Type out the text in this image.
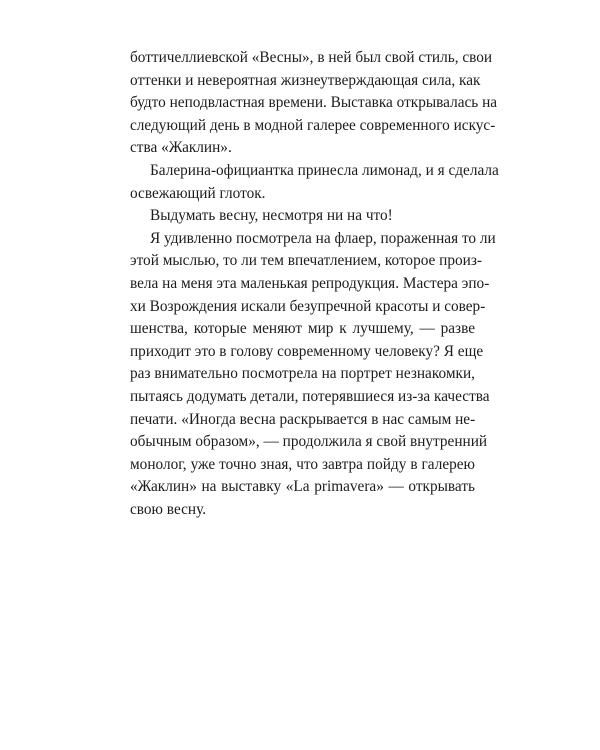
боттичеллиевской «Весны», в ней был свой стиль, свои
оттенки и невероятная жизнеутверждающая сила, как
будто неподвластная времени. Выставка открывалась на
следующий день в модной галерее современного искус-
ства «Жаклин».

Балерина-официантка принесла лимонад, и я сделала
освежающий глоток.

Выдумать весну, несмотря ни на что!

Я удивленно посмотрела на флаер, пораженная то ли
этой мыслью, то ли тем впечатлением, которое произ-
вела на меня эта маленькая репродукция. Мастера эпо-
хи Возрождения искали безупречной красоты и совер-
шенства, которые меняют мир к лучшему, — разве
приходит это в голову современному человеку? Я еще
раз внимательно посмотрела на портрет незнакомки,
пытаясь додумать детали, потерявшиеся из-за качества
печати. «Иногда весна раскрывается в нас самым не-
обычным образом», — продолжила я свой внутренний
монолог, уже точно зная, что завтра пойду в галерею
«Жаклин» на выставку «La primavera» — открывать
свою весну.
